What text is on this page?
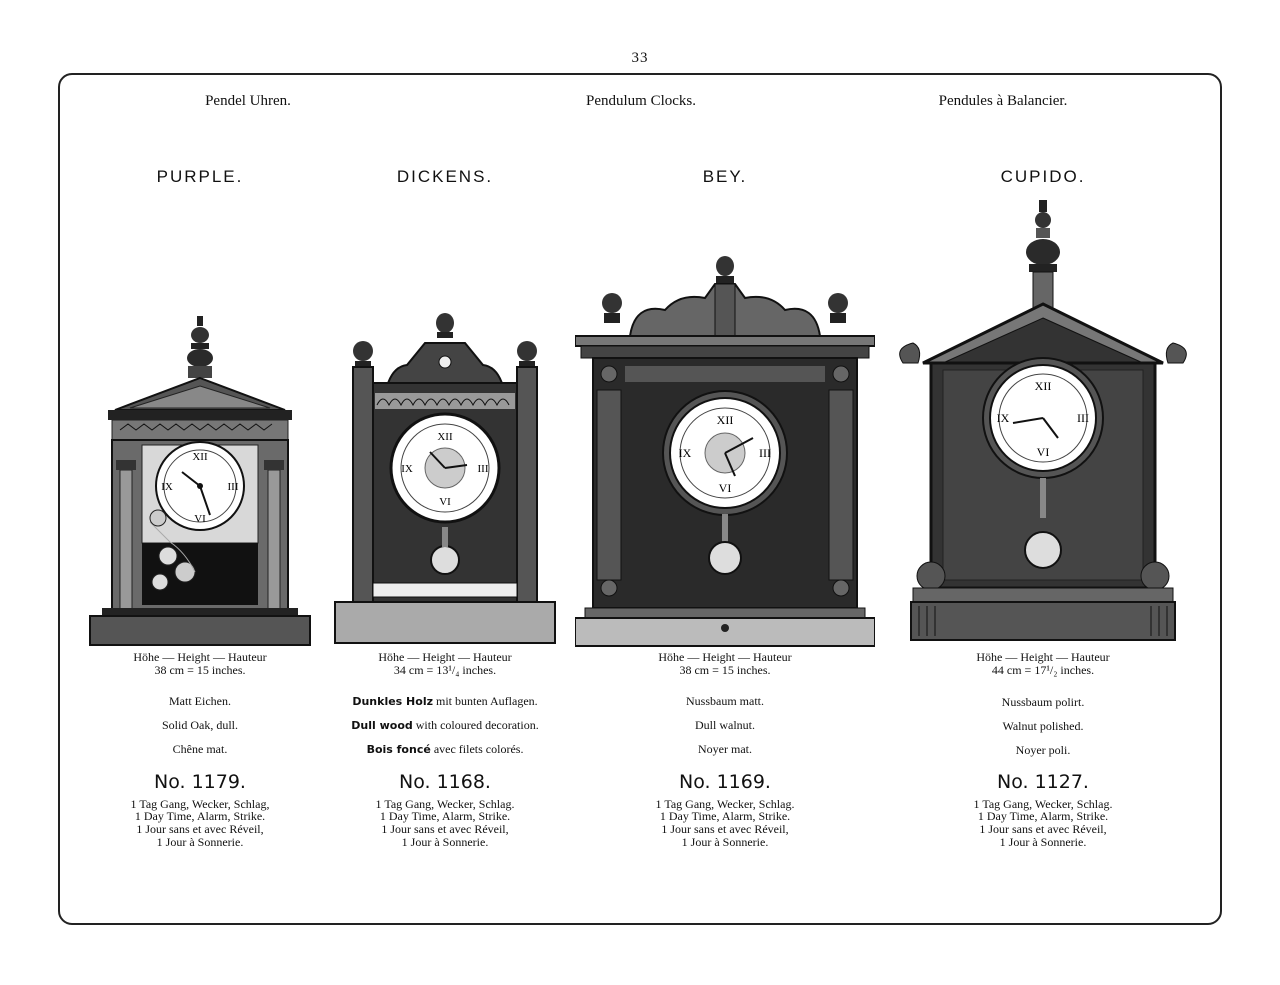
33
Pendel Uhren.	Pendulum Clocks.	Pendules à Balancier.
PURPLE.
XII
III
VI
IX
Höhe — Height — Hauteur
38 cm = 15 inches.
Matt Eichen.
Solid Oak, dull.
Chêne mat.
No. 1179.
1 Tag Gang, Wecker, Schlag,
1 Day Time, Alarm, Strike.
1 Jour sans et avec Réveil,
1 Jour à Sonnerie.
DICKENS.
XII
III
VI
IX
Höhe — Height — Hauteur
34 cm = 13¹/₄ inches.
Dunkles Holz mit bunten Auflagen.
Dull wood with coloured decoration.
Bois foncé avec filets colorés.
No. 1168.
1 Tag Gang, Wecker, Schlag.
1 Day Time, Alarm, Strike.
1 Jour sans et avec Réveil,
1 Jour à Sonnerie.
BEY.
XII
III
VI
IX
Höhe — Height — Hauteur
38 cm = 15 inches.
Nussbaum matt.
Dull walnut.
Noyer mat.
No. 1169.
1 Tag Gang, Wecker, Schlag.
1 Day Time, Alarm, Strike.
1 Jour sans et avec Réveil,
1 Jour à Sonnerie.
CUPIDO.
XII
III
VI
IX
Höhe — Height — Hauteur
44 cm = 17¹/₂ inches.
Nussbaum polirt.
Walnut polished.
Noyer poli.
No. 1127.
1 Tag Gang, Wecker, Schlag.
1 Day Time, Alarm, Strike.
1 Jour sans et avec Réveil,
1 Jour à Sonnerie.
